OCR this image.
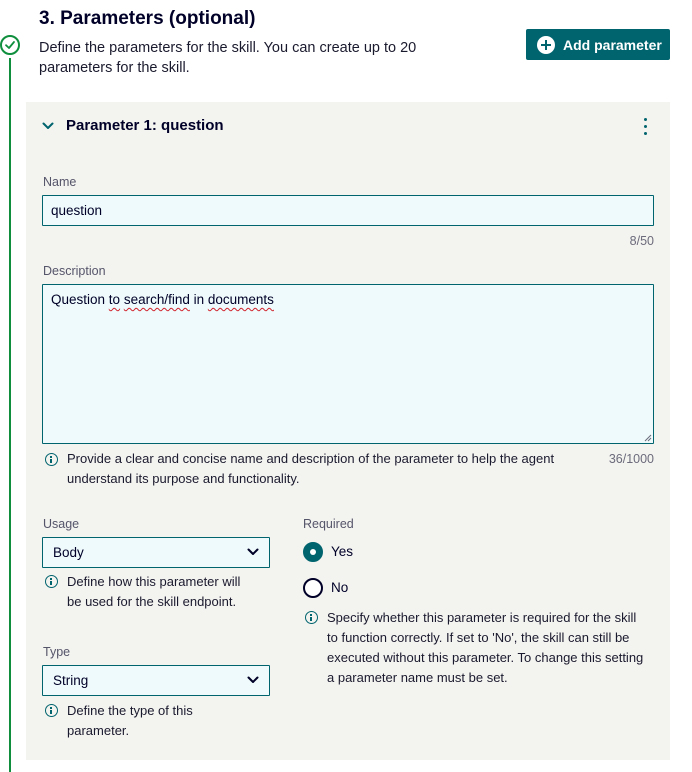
3. Parameters (optional)
Define the parameters for the skill. You can create up to 20 parameters for the skill.
Add parameter
Parameter 1: question
Name
question
8/50
Description
Question to search/find in documents
Provide a clear and concise name and description of the parameter to help the agent understand its purpose and functionality.
36/1000
Usage
Body
Define how this parameter will be used for the skill endpoint.
Type
String
Define the type of this parameter.
Required
Yes
No
Specify whether this parameter is required for the skill to function correctly. If set to 'No', the skill can still be executed without this parameter. To change this setting a parameter name must be set.
